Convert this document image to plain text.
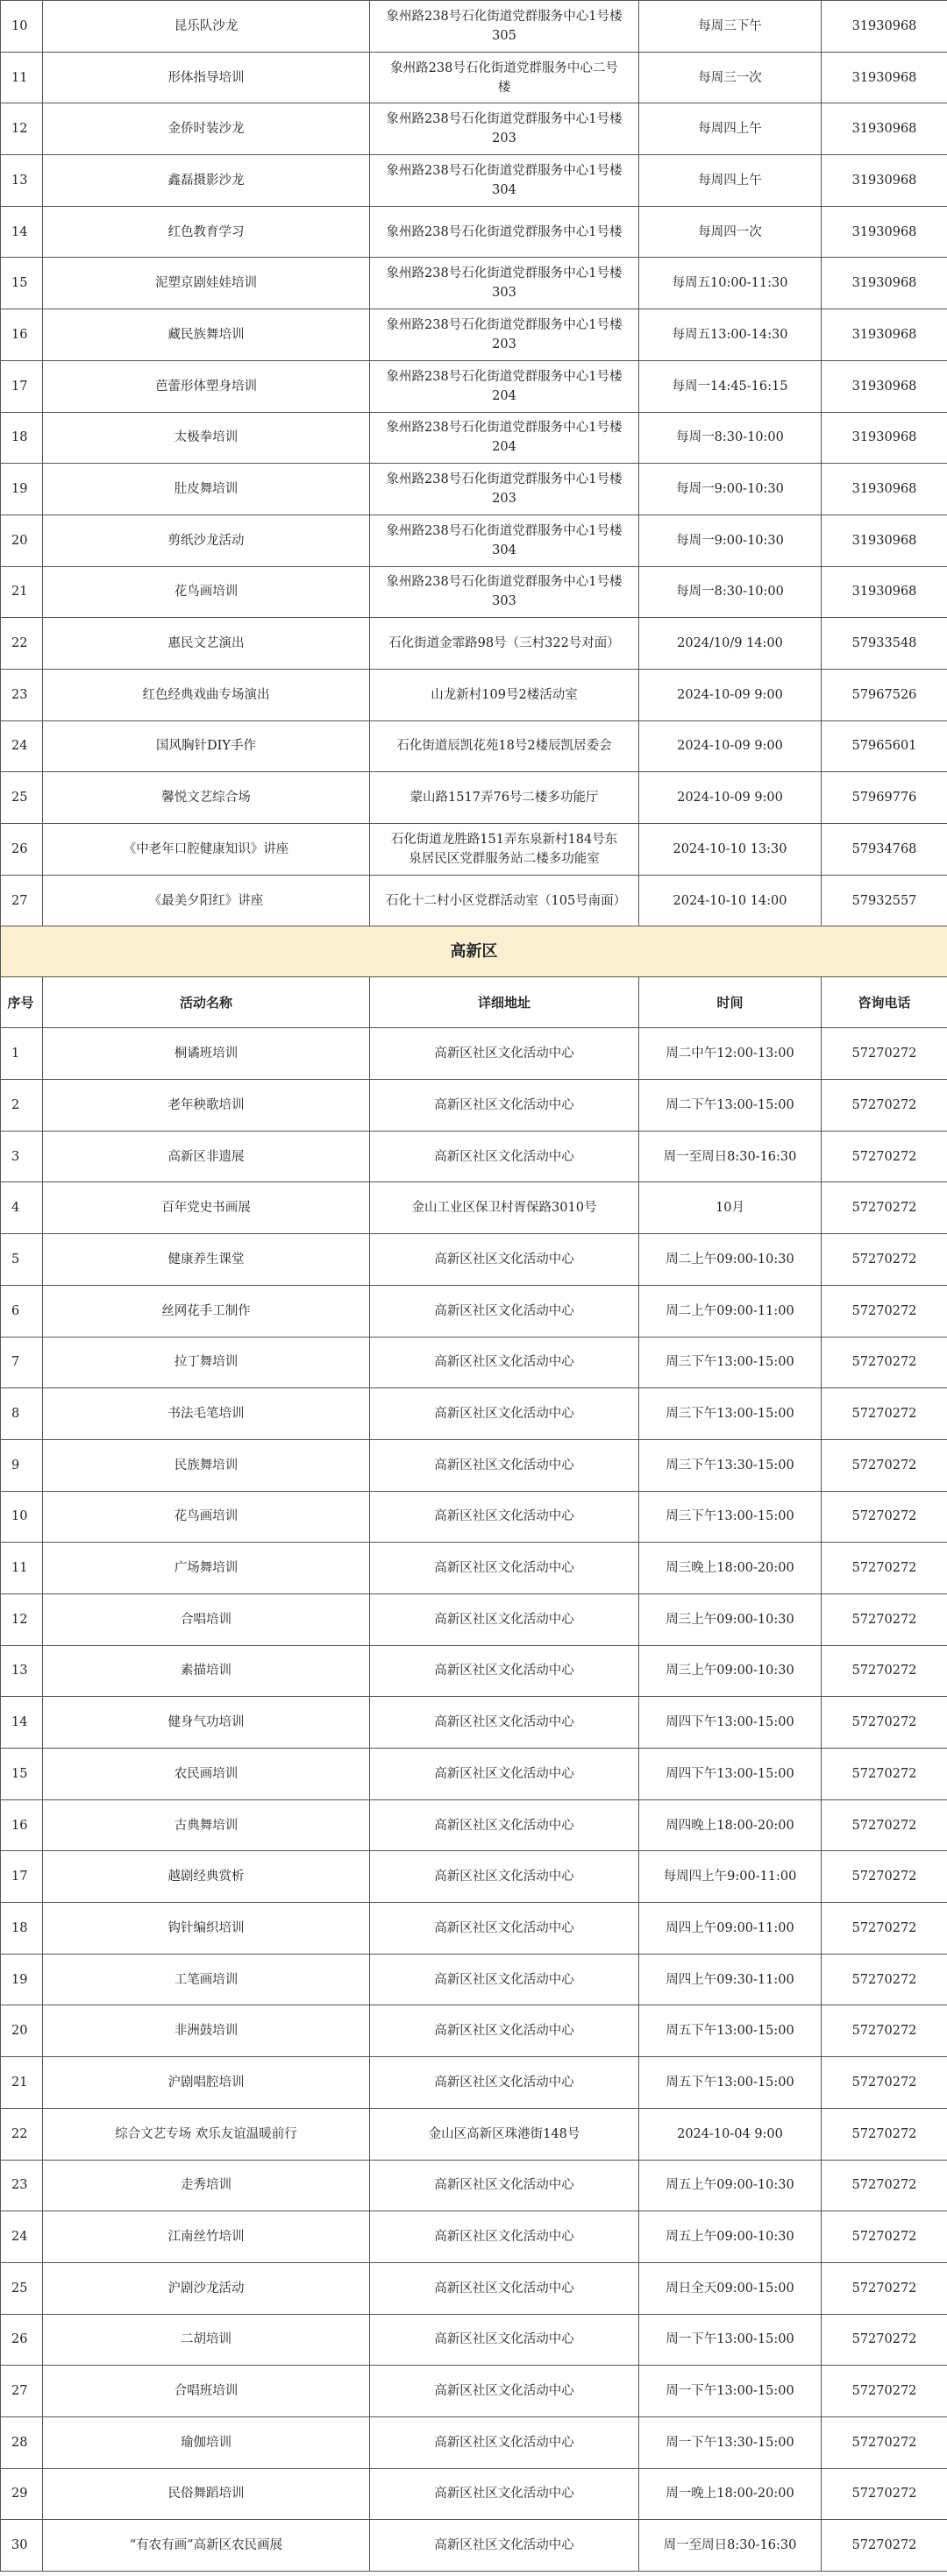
10	昆乐队沙龙	象州路238号石化街道党群服务中心1号楼305	每周三下午	31930968
11	形体指导培训	象州路238号石化街道党群服务中心二号楼	每周三一次	31930968
12	金侨时装沙龙	象州路238号石化街道党群服务中心1号楼203	每周四上午	31930968
13	鑫磊摄影沙龙	象州路238号石化街道党群服务中心1号楼304	每周四上午	31930968
14	红色教育学习	象州路238号石化街道党群服务中心1号楼	每周四一次	31930968
15	泥塑京剧娃娃培训	象州路238号石化街道党群服务中心1号楼303	每周五10:00-11:30	31930968
16	藏民族舞培训	象州路238号石化街道党群服务中心1号楼203	每周五13:00-14:30	31930968
17	芭蕾形体塑身培训	象州路238号石化街道党群服务中心1号楼204	每周一14:45-16:15	31930968
18	太极拳培训	象州路238号石化街道党群服务中心1号楼204	每周一8:30-10:00	31930968
19	肚皮舞培训	象州路238号石化街道党群服务中心1号楼203	每周一9:00-10:30	31930968
20	剪纸沙龙活动	象州路238号石化街道党群服务中心1号楼304	每周一9:00-10:30	31930968
21	花鸟画培训	象州路238号石化街道党群服务中心1号楼303	每周一8:30-10:00	31930968
22	惠民文艺演出	石化街道金霏路98号（三村322号对面）	2024/10/9 14:00	57933548
23	红色经典戏曲专场演出	山龙新村109号2楼活动室	2024-10-09 9:00	57967526
24	国风胸针DIY手作	石化街道辰凯花苑18号2楼辰凯居委会	2024-10-09 9:00	57965601
25	馨悦文艺综合场	蒙山路1517弄76号二楼多功能厅	2024-10-09 9:00	57969776
26	《中老年口腔健康知识》讲座	石化街道龙胜路151弄东泉新村184号东泉居民区党群服务站二楼多功能室	2024-10-10 13:30	57934768
27	《最美夕阳红》讲座	石化十二村小区党群活动室（105号南面）	2024-10-10 14:00	57932557
高新区				
序号	活动名称	详细地址	时间	咨询电话
1	桐谲班培训	高新区社区文化活动中心	周二中午12:00-13:00	57270272
2	老年秧歌培训	高新区社区文化活动中心	周二下午13:00-15:00	57270272
3	高新区非遗展	高新区社区文化活动中心	周一至周日8:30-16:30	57270272
4	百年党史书画展	金山工业区保卫村胥保路3010号	10月	57270272
5	健康养生课堂	高新区社区文化活动中心	周二上午09:00-10:30	57270272
6	丝网花手工制作	高新区社区文化活动中心	周二上午09:00-11:00	57270272
7	拉丁舞培训	高新区社区文化活动中心	周三下午13:00-15:00	57270272
8	书法毛笔培训	高新区社区文化活动中心	周三下午13:00-15:00	57270272
9	民族舞培训	高新区社区文化活动中心	周三下午13:30-15:00	57270272
10	花鸟画培训	高新区社区文化活动中心	周三下午13:00-15:00	57270272
11	广场舞培训	高新区社区文化活动中心	周三晚上18:00-20:00	57270272
12	合唱培训	高新区社区文化活动中心	周三上午09:00-10:30	57270272
13	素描培训	高新区社区文化活动中心	周三上午09:00-10:30	57270272
14	健身气功培训	高新区社区文化活动中心	周四下午13:00-15:00	57270272
15	农民画培训	高新区社区文化活动中心	周四下午13:00-15:00	57270272
16	古典舞培训	高新区社区文化活动中心	周四晚上18:00-20:00	57270272
17	越剧经典赏析	高新区社区文化活动中心	每周四上午9:00-11:00	57270272
18	钩针编织培训	高新区社区文化活动中心	周四上午09:00-11:00	57270272
19	工笔画培训	高新区社区文化活动中心	周四上午09:30-11:00	57270272
20	非洲鼓培训	高新区社区文化活动中心	周五下午13:00-15:00	57270272
21	沪剧唱腔培训	高新区社区文化活动中心	周五下午13:00-15:00	57270272
22	综合文艺专场 欢乐友谊温暖前行	金山区高新区珠港街148号	2024-10-04 9:00	57270272
23	走秀培训	高新区社区文化活动中心	周五上午09:00-10:30	57270272
24	江南丝竹培训	高新区社区文化活动中心	周五上午09:00-10:30	57270272
25	沪剧沙龙活动	高新区社区文化活动中心	周日全天09:00-15:00	57270272
26	二胡培训	高新区社区文化活动中心	周一下午13:00-15:00	57270272
27	合唱班培训	高新区社区文化活动中心	周一下午13:00-15:00	57270272
28	瑜伽培训	高新区社区文化活动中心	周一下午13:30-15:00	57270272
29	民俗舞蹈培训	高新区社区文化活动中心	周一晚上18:00-20:00	57270272
30	“有农有画”高新区农民画展	高新区社区文化活动中心	周一至周日8:30-16:30	57270272
